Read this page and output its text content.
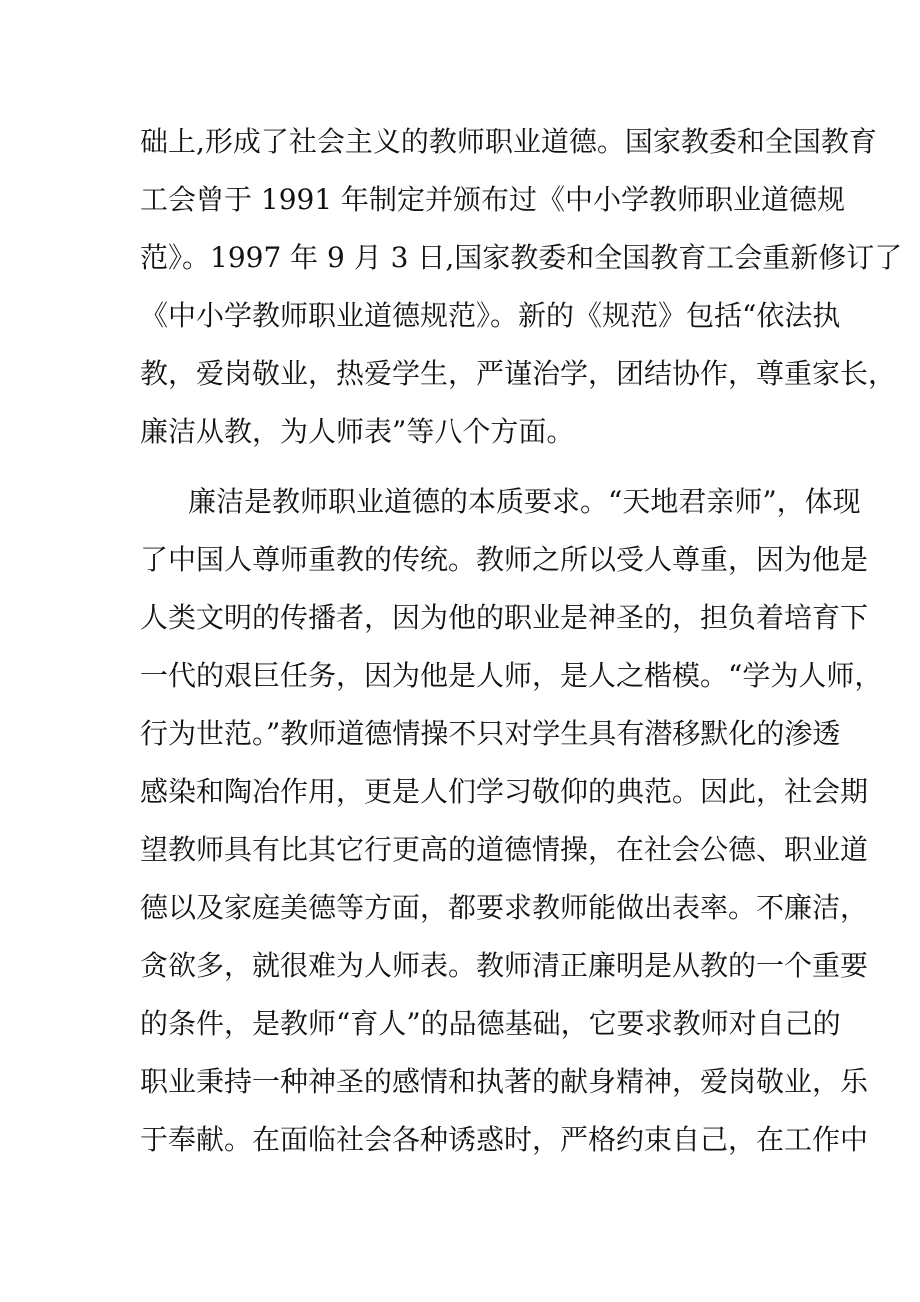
础上,形成了社会主义的教师职业道德。国家教委和全国教育
工会曾于 1991 年制定并颁布过《中小学教师职业道德规
范》。1997 年 9 月 3 日,国家教委和全国教育工会重新修订了
《中小学教师职业道德规范》。新的《规范》包括“依法执
教，爱岗敬业，热爱学生，严谨治学，团结协作，尊重家长，
廉洁从教，为人师表”等八个方面。
廉洁是教师职业道德的本质要求。“天地君亲师”，体现
了中国人尊师重教的传统。教师之所以受人尊重，因为他是
人类文明的传播者，因为他的职业是神圣的，担负着培育下
一代的艰巨任务，因为他是人师，是人之楷模。“学为人师，
行为世范。”教师道德情操不只对学生具有潜移默化的渗透
感染和陶冶作用，更是人们学习敬仰的典范。因此，社会期
望教师具有比其它行更高的道德情操，在社会公德、职业道
德以及家庭美德等方面，都要求教师能做出表率。不廉洁，
贪欲多，就很难为人师表。教师清正廉明是从教的一个重要
的条件，是教师“育人”的品德基础，它要求教师对自己的
职业秉持一种神圣的感情和执著的献身精神，爱岗敬业，乐
于奉献。在面临社会各种诱惑时，严格约束自己，在工作中
